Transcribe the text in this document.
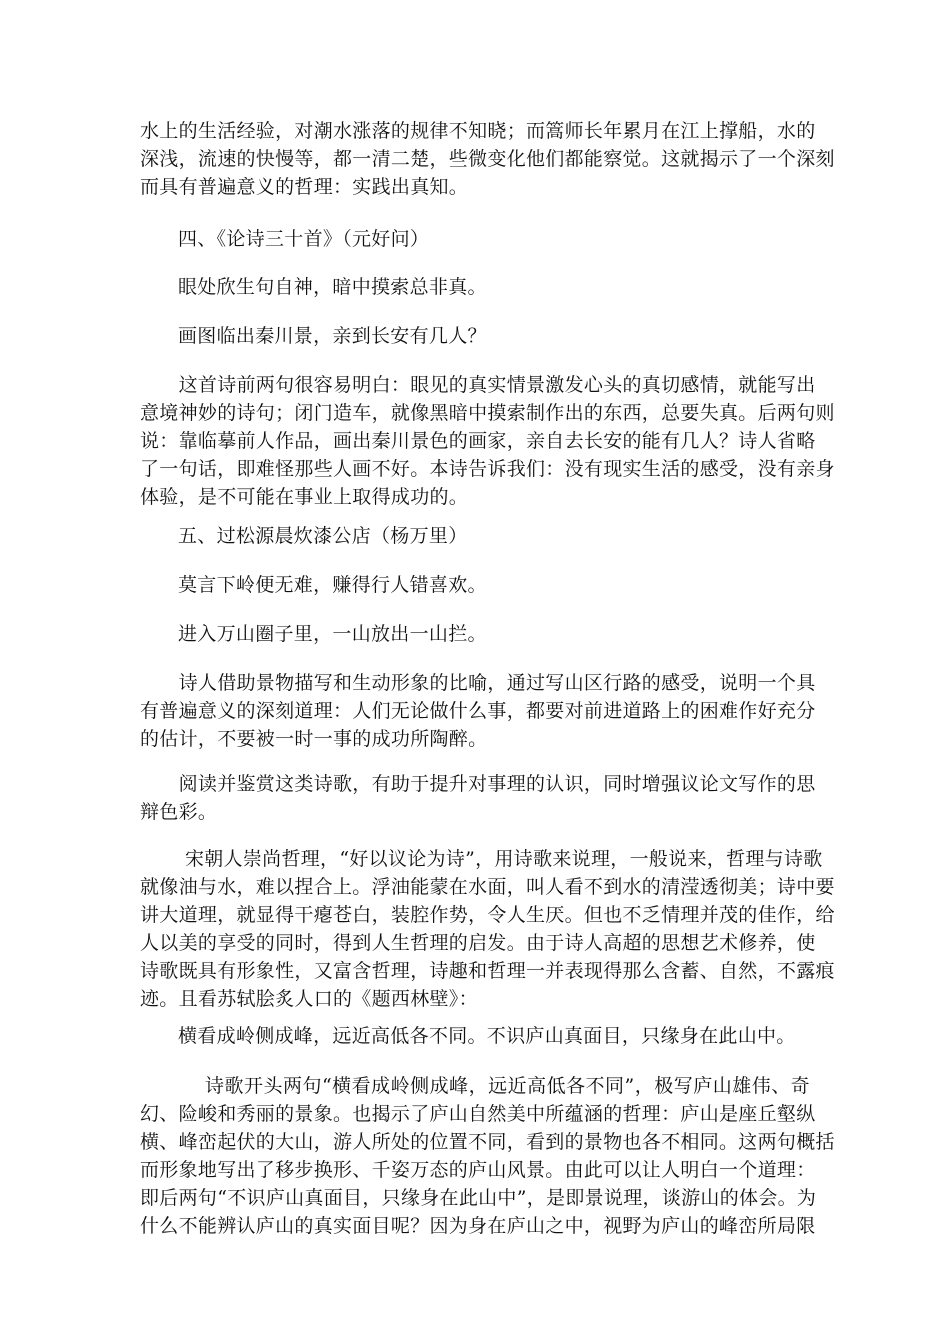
水上的生活经验，对潮水涨落的规律不知晓；而篙师长年累月在江上撑船，水的
深浅，流速的快慢等，都一清二楚，些微变化他们都能察觉。这就揭示了一个深刻
而具有普遍意义的哲理：实践出真知。

四、《论诗三十首》（元好问）

眼处欣生句自神，暗中摸索总非真。

画图临出秦川景，亲到长安有几人？

　　这首诗前两句很容易明白：眼见的真实情景激发心头的真切感情，就能写出
意境神妙的诗句；闭门造车，就像黑暗中摸索制作出的东西，总要失真。后两句则
说：靠临摹前人作品，画出秦川景色的画家，亲自去长安的能有几人？诗人省略
了一句话，即难怪那些人画不好。本诗告诉我们：没有现实生活的感受，没有亲身
体验，是不可能在事业上取得成功的。

五、过松源晨炊漆公店（杨万里）

莫言下岭便无难，赚得行人错喜欢。

进入万山圈子里，一山放出一山拦。

　　诗人借助景物描写和生动形象的比喻，通过写山区行路的感受，说明一个具
有普遍意义的深刻道理：人们无论做什么事，都要对前进道路上的困难作好充分
的估计，不要被一时一事的成功所陶醉。
　　阅读并鉴赏这类诗歌，有助于提升对事理的认识，同时增强议论文写作的思
辩色彩。
　　 宋朝人崇尚哲理，“好以议论为诗”，用诗歌来说理，一般说来，哲理与诗歌
就像油与水，难以捏合上。浮油能蒙在水面，叫人看不到水的清滢透彻美；诗中要
讲大道理，就显得干瘪苍白，装腔作势，令人生厌。但也不乏情理并茂的佳作，给
人以美的享受的同时，得到人生哲理的启发。由于诗人高超的思想艺术修养，使
诗歌既具有形象性，又富含哲理，诗趣和哲理一并表现得那么含蓄、自然，不露痕
迹。且看苏轼脍炙人口的《题西林壁》：

横看成岭侧成峰，远近高低各不同。不识庐山真面目，只缘身在此山中。

　　　 诗歌开头两句“横看成岭侧成峰，远近高低各不同”，极写庐山雄伟、奇
幻、险峻和秀丽的景象。也揭示了庐山自然美中所蕴涵的哲理：庐山是座丘壑纵
横、峰峦起伏的大山，游人所处的位置不同，看到的景物也各不相同。这两句概括
而形象地写出了移步换形、千姿万态的庐山风景。由此可以让人明白一个道理：
即后两句“不识庐山真面目，只缘身在此山中”，是即景说理，谈游山的体会。为
什么不能辨认庐山的真实面目呢？因为身在庐山之中，视野为庐山的峰峦所局限
